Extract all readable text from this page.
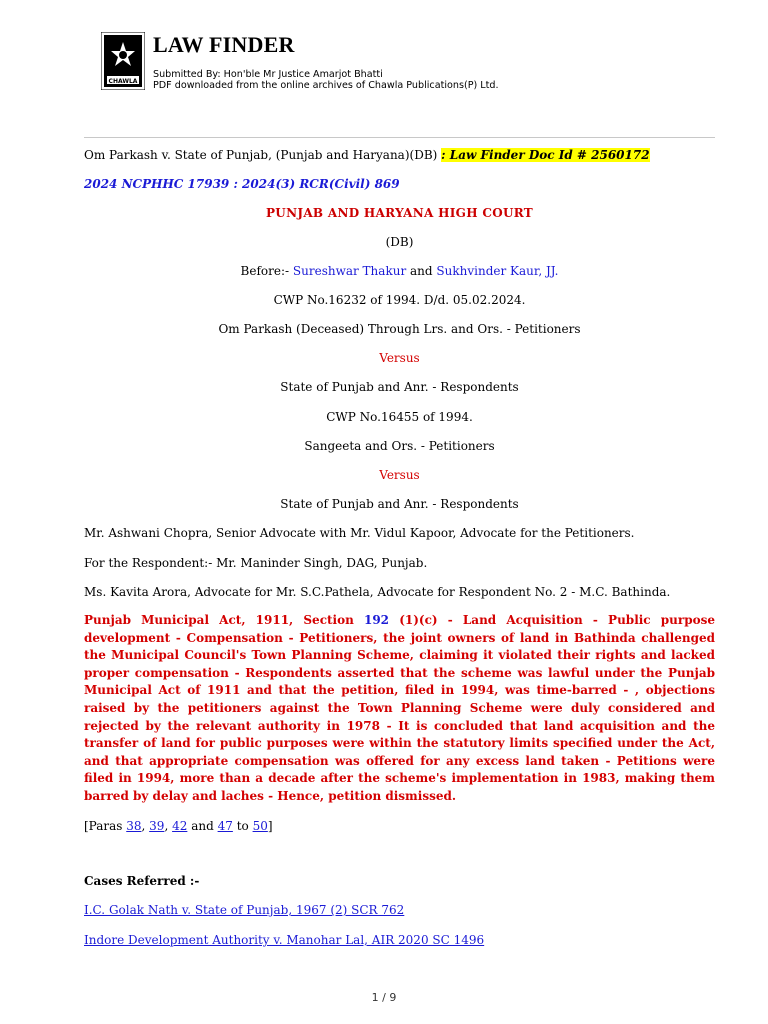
CHAWLA
LAW FINDER
Submitted By: Hon'ble Mr Justice Amarjot Bhatti
PDF downloaded from the online archives of Chawla Publications(P) Ltd.
Om Parkash v. State of Punjab, (Punjab and Haryana)(DB) : Law Finder Doc Id # 2560172
2024 NCPHHC 17939 : 2024(3) RCR(Civil) 869
PUNJAB AND HARYANA HIGH COURT
(DB)
Before:- Sureshwar Thakur and Sukhvinder Kaur, JJ.
CWP No.16232 of 1994. D/d. 05.02.2024.
Om Parkash (Deceased) Through Lrs. and Ors. - Petitioners
Versus
State of Punjab and Anr. - Respondents
CWP No.16455 of 1994.
Sangeeta and Ors. - Petitioners
Versus
State of Punjab and Anr. - Respondents
Mr. Ashwani Chopra, Senior Advocate with Mr. Vidul Kapoor, Advocate for the Petitioners.
For the Respondent:- Mr. Maninder Singh, DAG, Punjab.
Ms. Kavita Arora, Advocate for Mr. S.C.Pathela, Advocate for Respondent No. 2 - M.C. Bathinda.
Punjab Municipal Act, 1911, Section 192 (1)(c) - Land Acquisition - Public purpose development - Compensation - Petitioners, the joint owners of land in Bathinda challenged the Municipal Council's Town Planning Scheme, claiming it violated their rights and lacked proper compensation - Respondents asserted that the scheme was lawful under the Punjab Municipal Act of 1911 and that the petition, filed in 1994, was time-barred - , objections raised by the petitioners against the Town Planning Scheme were duly considered and rejected by the relevant authority in 1978 - It is concluded that land acquisition and the transfer of land for public purposes were within the statutory limits specified under the Act, and that appropriate compensation was offered for any excess land taken - Petitions were filed in 1994, more than a decade after the scheme's implementation in 1983, making them barred by delay and laches - Hence, petition dismissed.
[Paras 38, 39, 42 and 47 to 50]
Cases Referred :-
I.C. Golak Nath v. State of Punjab, 1967 (2) SCR 762
Indore Development Authority v. Manohar Lal, AIR 2020 SC 1496
1 / 9
